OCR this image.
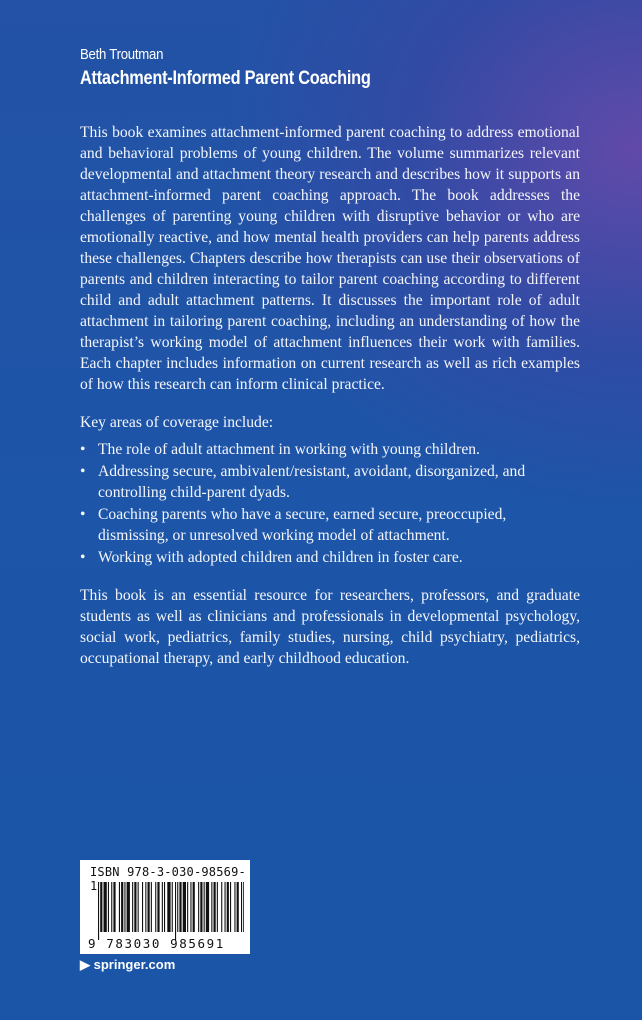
Beth Troutman
Attachment-Informed Parent Coaching

This book examines attachment-informed parent coaching to address emotional and behavioral problems of young children. The volume summarizes relevant developmental and attachment theory research and describes how it supports an attachment-informed parent coaching approach. The book addresses the challenges of parenting young children with disruptive behavior or who are emotionally reactive, and how mental health providers can help parents address these challenges. Chapters describe how therapists can use their observations of parents and children interacting to tailor parent coaching according to different child and adult attachment patterns. It discusses the important role of adult attachment in tailoring parent coaching, including an understanding of how the therapist’s working model of attachment influences their work with families. Each chapter includes information on current research as well as rich examples of how this research can inform clinical practice.

Key areas of coverage include:

• The role of adult attachment in working with young children.
• Addressing secure, ambivalent/resistant, avoidant, disorganized, and controlling child-parent dyads.
• Coaching parents who have a secure, earned secure, preoccupied, dismissing, or unresolved working model of attachment.
• Working with adopted children and children in foster care.

This book is an essential resource for researchers, professors, and graduate students as well as clinicians and professionals in developmental psychology, social work, pediatrics, family studies, nursing, child psychiatry, pediatrics, occupational therapy, and early childhood education.

ISBN 978-3-030-98569-1
9 783030 985691
▶ springer.com
